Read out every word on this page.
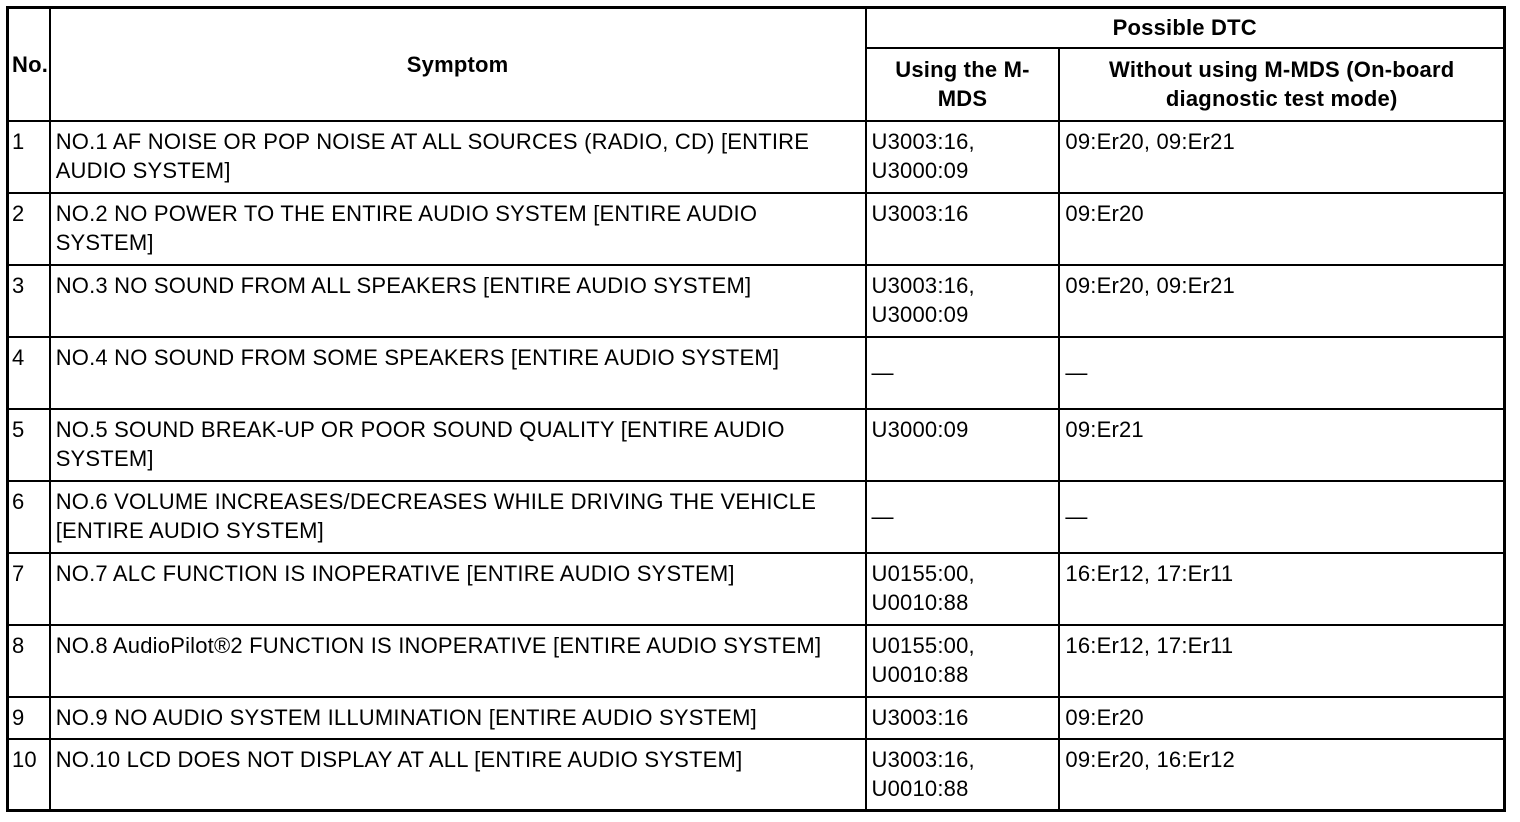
No.	Symptom	Possible DTC	
		Using the M-MDS	Without using M-MDS (On-board diagnostic test mode)
1	NO.1 AF NOISE OR POP NOISE AT ALL SOURCES (RADIO, CD) [ENTIRE AUDIO SYSTEM]	U3003:16, U3000:09	09:Er20, 09:Er21
2	NO.2 NO POWER TO THE ENTIRE AUDIO SYSTEM [ENTIRE AUDIO SYSTEM]	U3003:16	09:Er20
3	NO.3 NO SOUND FROM ALL SPEAKERS [ENTIRE AUDIO SYSTEM]	U3003:16, U3000:09	09:Er20, 09:Er21
4	NO.4 NO SOUND FROM SOME SPEAKERS [ENTIRE AUDIO SYSTEM]	—	—
5	NO.5 SOUND BREAK-UP OR POOR SOUND QUALITY [ENTIRE AUDIO SYSTEM]	U3000:09	09:Er21
6	NO.6 VOLUME INCREASES/DECREASES WHILE DRIVING THE VEHICLE [ENTIRE AUDIO SYSTEM]	—	—
7	NO.7 ALC FUNCTION IS INOPERATIVE [ENTIRE AUDIO SYSTEM]	U0155:00, U0010:88	16:Er12, 17:Er11
8	NO.8 AudioPilot®2 FUNCTION IS INOPERATIVE [ENTIRE AUDIO SYSTEM]	U0155:00, U0010:88	16:Er12, 17:Er11
9	NO.9 NO AUDIO SYSTEM ILLUMINATION [ENTIRE AUDIO SYSTEM]	U3003:16	09:Er20
10	NO.10 LCD DOES NOT DISPLAY AT ALL [ENTIRE AUDIO SYSTEM]	U3003:16, U0010:88	09:Er20, 16:Er12
